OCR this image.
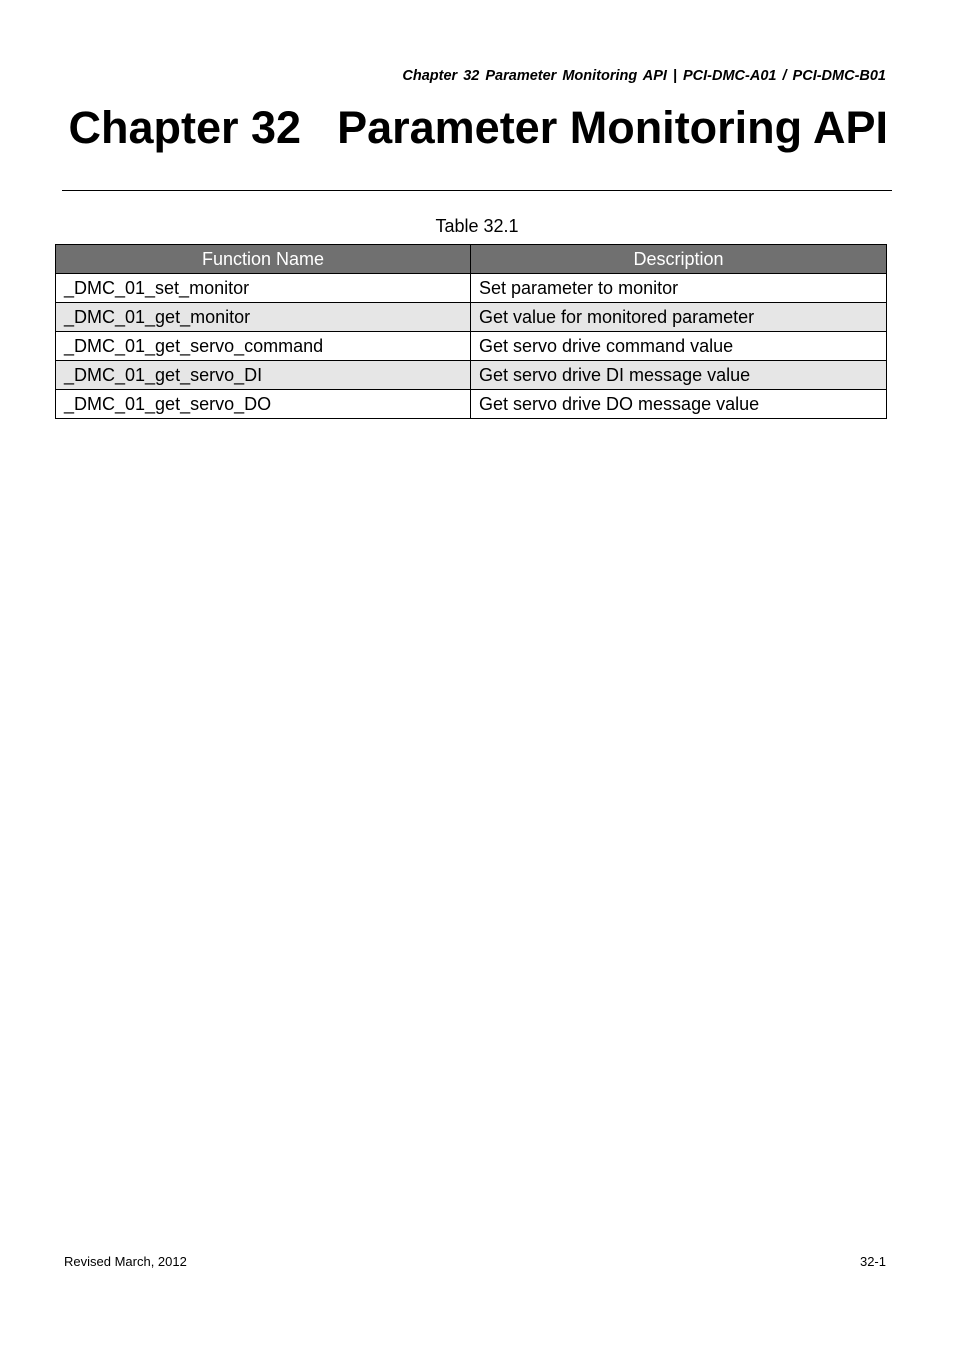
Chapter 32 Parameter Monitoring API | PCI-DMC-A01 / PCI-DMC-B01
Chapter 32 Parameter Monitoring API
Table 32.1
Function Name	Description
_DMC_01_set_monitor	Set parameter to monitor
_DMC_01_get_monitor	Get value for monitored parameter
_DMC_01_get_servo_command	Get servo drive command value
_DMC_01_get_servo_DI	Get servo drive DI message value
_DMC_01_get_servo_DO	Get servo drive DO message value
Revised March, 2012	32-1
